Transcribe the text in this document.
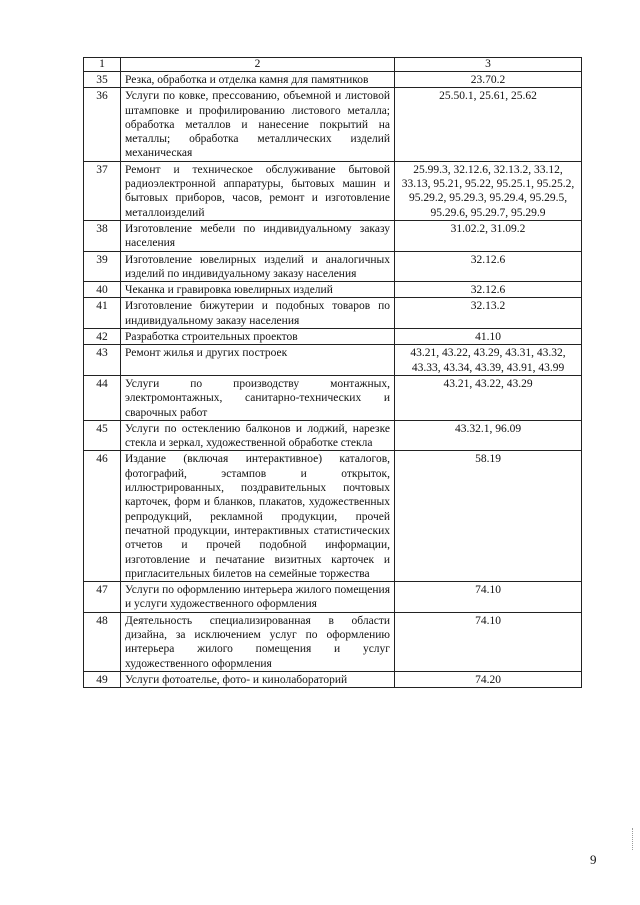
1	2	3
35	Резка, обработка и отделка камня для памятников	23.70.2
36	Услуги по ковке, прессованию, объемной и листовой штамповке и профилированию листового металла; обработка металлов и нанесение покрытий на металлы; обработка металлических изделий механическая	25.50.1, 25.61, 25.62
37	Ремонт и техническое обслуживание бытовой радиоэлектронной аппаратуры, бытовых машин и бытовых приборов, часов, ремонт и изготовление металлоизделий	25.99.3, 32.12.6, 32.13.2, 33.12, 33.13, 95.21, 95.22, 95.25.1, 95.25.2, 95.29.2, 95.29.3, 95.29.4, 95.29.5, 95.29.6, 95.29.7, 95.29.9
38	Изготовление мебели по индивидуальному заказу населения	31.02.2, 31.09.2
39	Изготовление ювелирных изделий и аналогичных изделий по индивидуальному заказу населения	32.12.6
40	Чеканка и гравировка ювелирных изделий	32.12.6
41	Изготовление бижутерии и подобных товаров по индивидуальному заказу населения	32.13.2
42	Разработка строительных проектов	41.10
43	Ремонт жилья и других построек	43.21, 43.22, 43.29, 43.31, 43.32, 43.33, 43.34, 43.39, 43.91, 43.99
44	Услуги по производству монтажных, электромонтажных, санитарно-технических и сварочных работ	43.21, 43.22, 43.29
45	Услуги по остеклению балконов и лоджий, нарезке стекла и зеркал, художественной обработке стекла	43.32.1, 96.09
46	Издание (включая интерактивное) каталогов, фотографий, эстампов и открыток, иллюстрированных, поздравительных почтовых карточек, форм и бланков, плакатов, художественных репродукций, рекламной продукции, прочей печатной продукции, интерактивных статистических отчетов и прочей подобной информации, изготовление и печатание визитных карточек и пригласительных билетов на семейные торжества	58.19
47	Услуги по оформлению интерьера жилого помещения и услуги художественного оформления	74.10
48	Деятельность специализированная в области дизайна, за исключением услуг по оформлению интерьера жилого помещения и услуг художественного оформления	74.10
49	Услуги фотоателье, фото- и кинолабораторий	74.20
9
